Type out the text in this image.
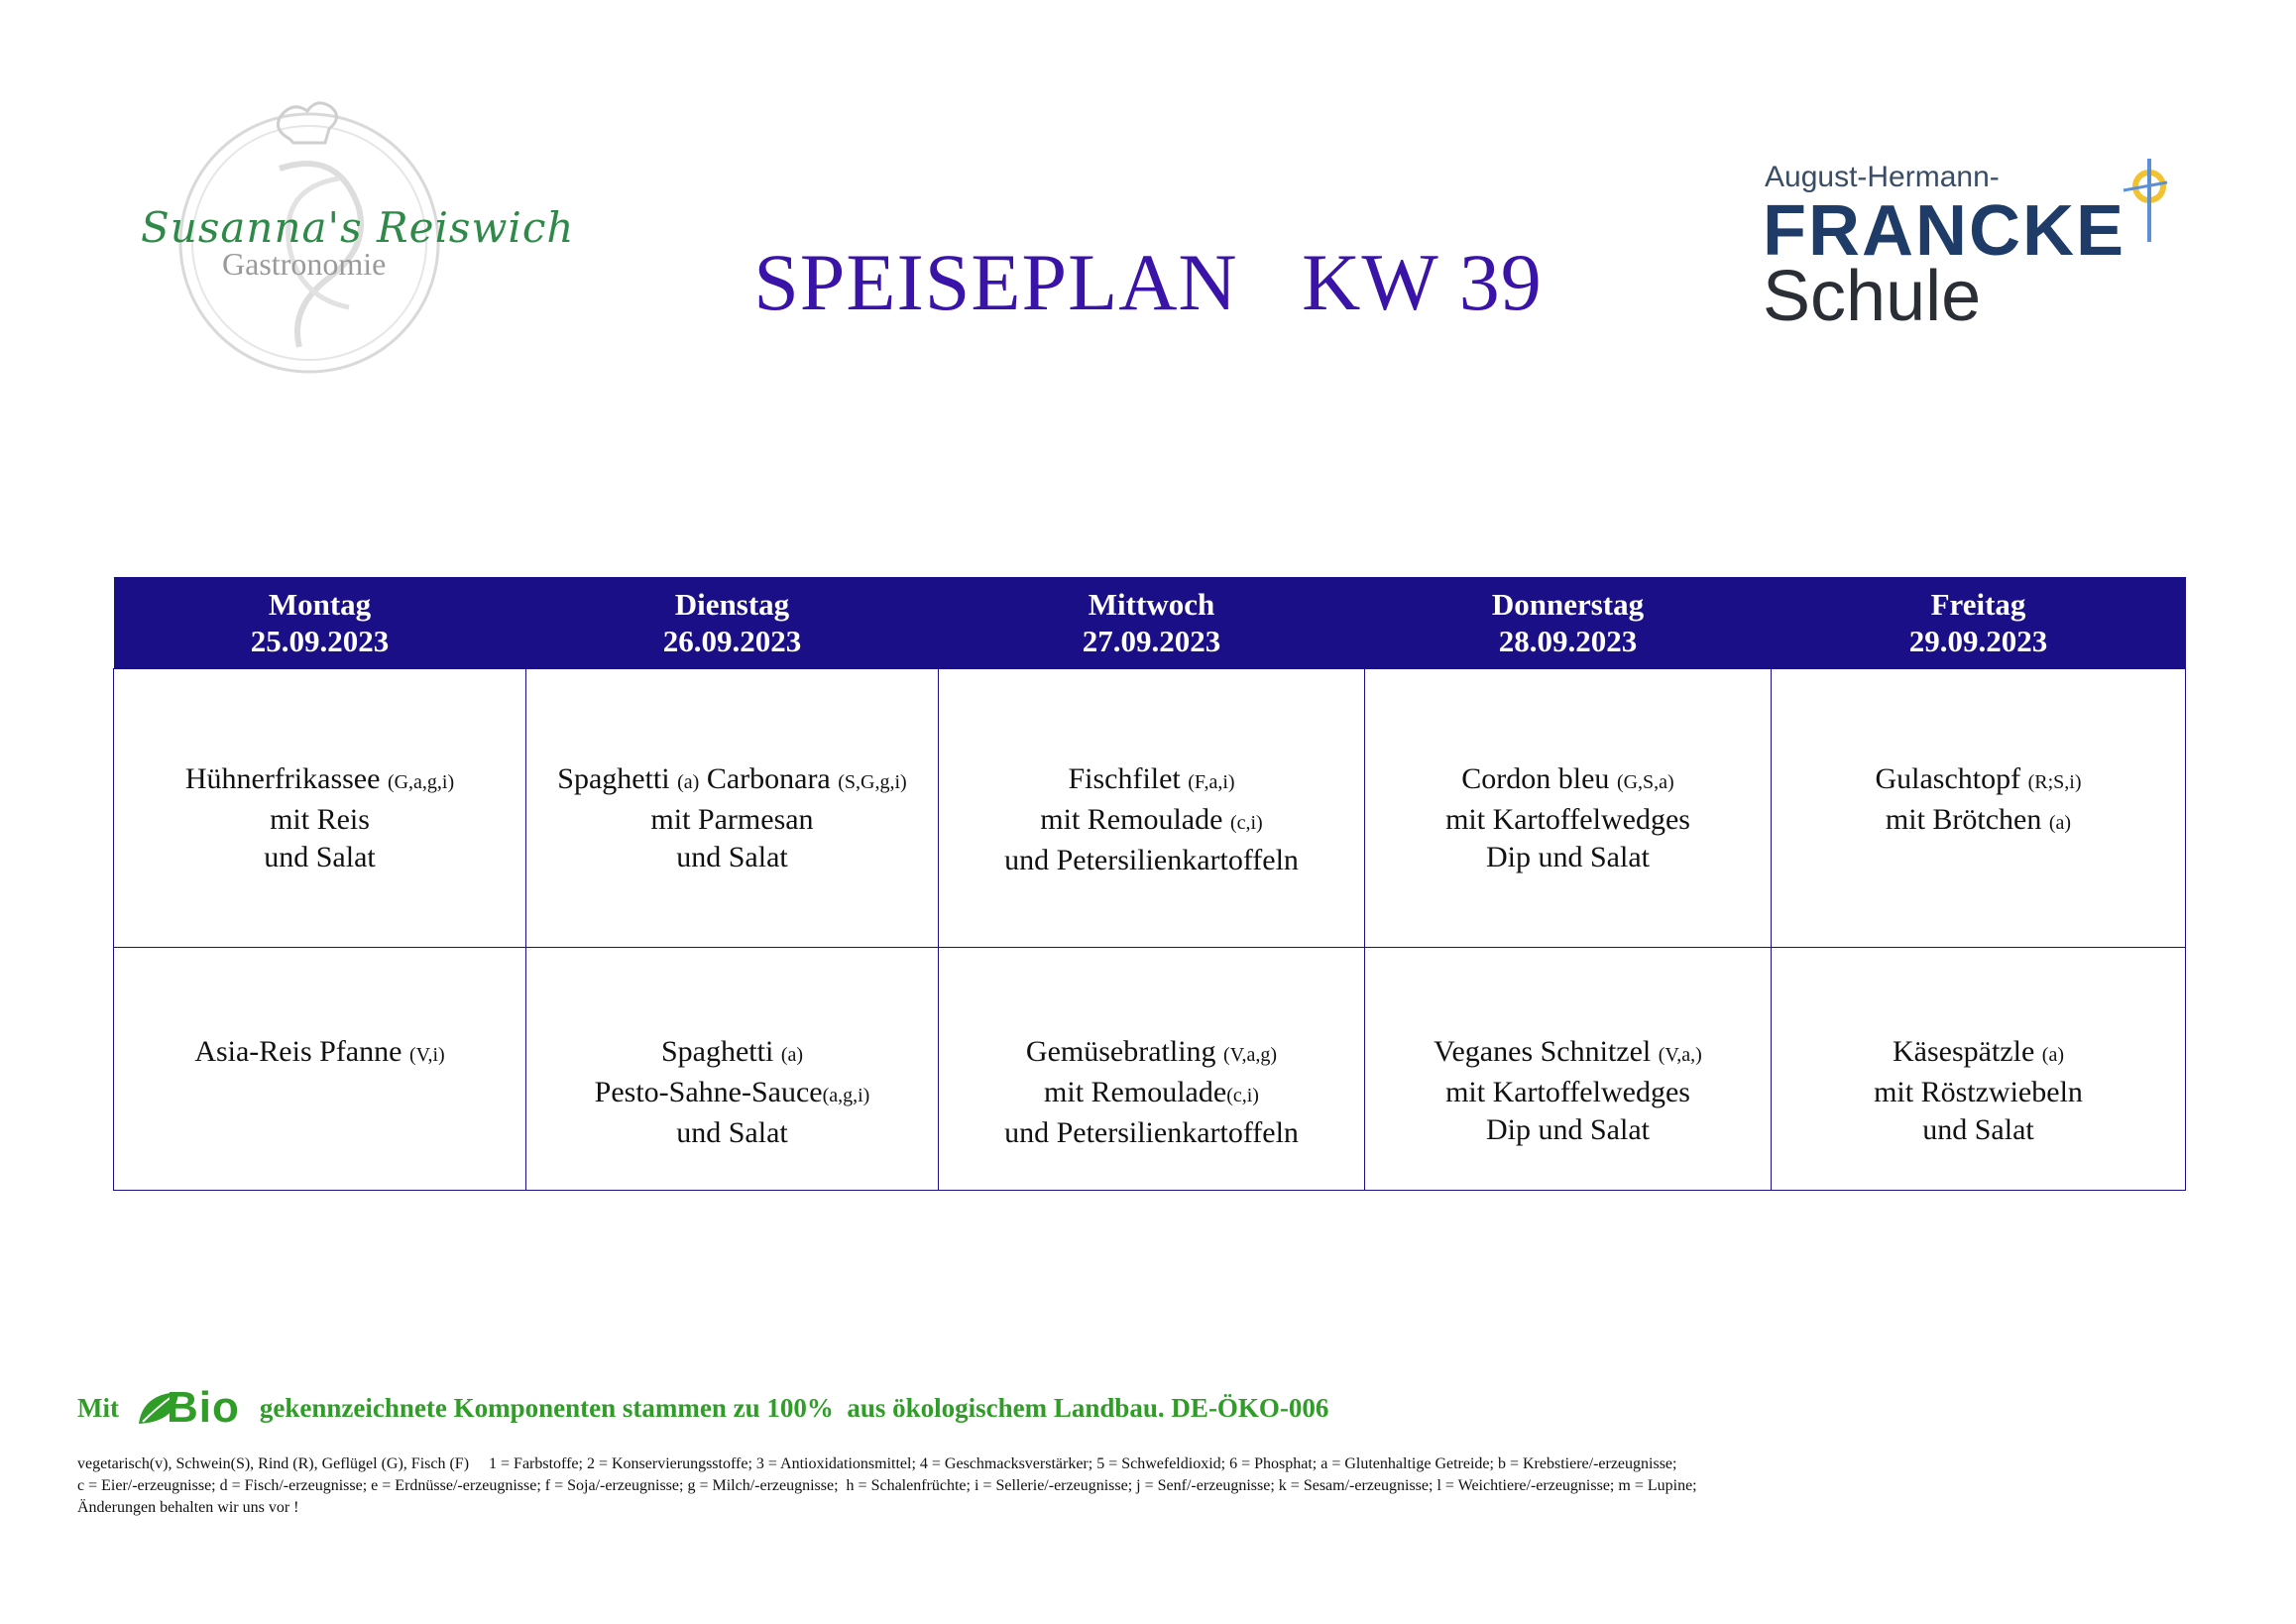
Susanna's Reiswich
Gastronomie
August-Hermann-
FRANCKE
Schule
SPEISEPLAN KW 39
Montag
25.09.2023	Dienstag
26.09.2023	Mittwoch
27.09.2023	Donnerstag
28.09.2023	Freitag
29.09.2023

Hühnerfrikassee (G,a,g,i)
mit Reis
und Salat	Spaghetti (a) Carbonara (S,G,g,i)
mit Parmesan
und Salat	Fischfilet (F,a,i)
mit Remoulade (c,i)
und Petersilienkartoffeln	Cordon bleu (G,S,a)
mit Kartoffelwedges
Dip und Salat	Gulaschtopf (R;S,i)
mit Brötchen (a)

Asia-Reis Pfanne (V,i)	Spaghetti (a)
Pesto-Sahne-Sauce(a,g,i)
und Salat	Gemüsebratling (V,a,g)
mit Remoulade(c,i)
und Petersilienkartoffeln	Veganes Schnitzel (V,a,)
mit Kartoffelwedges
Dip und Salat	Käsespätzle (a)
mit Röstzwiebeln
und Salat
Mit Bio gekennzeichnete Komponenten stammen zu 100%  aus ökologischem Landbau. DE-ÖKO-006
vegetarisch(v), Schwein(S), Rind (R), Geflügel (G), Fisch (F)     1 = Farbstoffe; 2 = Konservierungsstoffe; 3 = Antioxidationsmittel; 4 = Geschmacksverstärker; 5 = Schwefeldioxid; 6 = Phosphat; a = Glutenhaltige Getreide; b = Krebstiere/-erzeugnisse;
c = Eier/-erzeugnisse; d = Fisch/-erzeugnisse; e = Erdnüsse/-erzeugnisse; f = Soja/-erzeugnisse; g = Milch/-erzeugnisse;  h = Schalenfrüchte; i = Sellerie/-erzeugnisse; j = Senf/-erzeugnisse; k = Sesam/-erzeugnisse; l = Weichtiere/-erzeugnisse; m = Lupine;
Änderungen behalten wir uns vor !
